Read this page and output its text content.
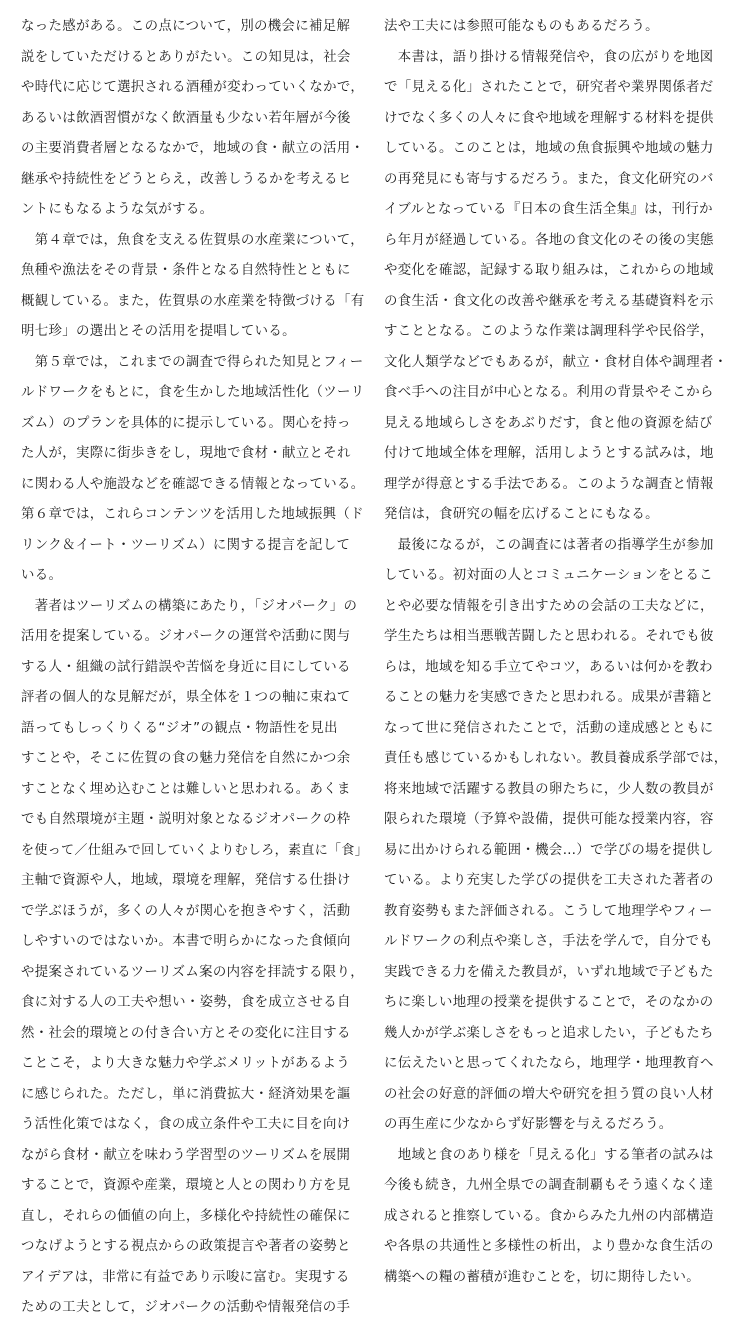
なった感がある。この点について，別の機会に補足解
説をしていただけるとありがたい。この知見は，社会
や時代に応じて選択される酒種が変わっていくなかで，
あるいは飲酒習慣がなく飲酒量も少ない若年層が今後
の主要消費者層となるなかで，地域の食・献立の活用・
継承や持続性をどうとらえ，改善しうるかを考えるヒ
ントにもなるような気がする。
　第４章では，魚食を支える佐賀県の水産業について，
魚種や漁法をその背景・条件となる自然特性とともに
概観している。また，佐賀県の水産業を特徴づける「有
明七珍」の選出とその活用を提唱している。
　第５章では，これまでの調査で得られた知見とフィー
ルドワークをもとに，食を生かした地域活性化（ツーリ
ズム）のプランを具体的に提示している。関心を持っ
た人が，実際に街歩きをし，現地で食材・献立とそれ
に関わる人や施設などを確認できる情報となっている。
第６章では，これらコンテンツを活用した地域振興（ド
リンク＆イート・ツーリズム）に関する提言を記して
いる。
　著者はツーリズムの構築にあたり，「ジオパーク」の
活用を提案している。ジオパークの運営や活動に関与
する人・組織の試行錯誤や苦悩を身近に目にしている
評者の個人的な見解だが，県全体を１つの軸に束ねて
語ってもしっくりくる“ジオ”の観点・物語性を見出
すことや，そこに佐賀の食の魅力発信を自然にかつ余
すことなく埋め込むことは難しいと思われる。あくま
でも自然環境が主題・説明対象となるジオパークの枠
を使って／仕組みで回していくよりむしろ，素直に「食」
主軸で資源や人，地域，環境を理解，発信する仕掛け
で学ぶほうが，多くの人々が関心を抱きやすく，活動
しやすいのではないか。本書で明らかになった食傾向
や提案されているツーリズム案の内容を拝読する限り，
食に対する人の工夫や想い・姿勢，食を成立させる自
然・社会的環境との付き合い方とその変化に注目する
ことこそ，より大きな魅力や学ぶメリットがあるよう
に感じられた。ただし，単に消費拡大・経済効果を謳
う活性化策ではなく，食の成立条件や工夫に目を向け
ながら食材・献立を味わう学習型のツーリズムを展開
することで，資源や産業，環境と人との関わり方を見
直し，それらの価値の向上，多様化や持続性の確保に
つなげようとする視点からの政策提言や著者の姿勢と
アイデアは，非常に有益であり示唆に富む。実現する
ための工夫として，ジオパークの活動や情報発信の手
法や工夫には参照可能なものもあるだろう。
　本書は，語り掛ける情報発信や，食の広がりを地図
で「見える化」されたことで，研究者や業界関係者だ
けでなく多くの人々に食や地域を理解する材料を提供
している。このことは，地域の魚食振興や地域の魅力
の再発見にも寄与するだろう。また，食文化研究のバ
イブルとなっている『日本の食生活全集』は，刊行か
ら年月が経過している。各地の食文化のその後の実態
や変化を確認，記録する取り組みは，これからの地域
の食生活・食文化の改善や継承を考える基礎資料を示
すこととなる。このような作業は調理科学や民俗学，
文化人類学などでもあるが，献立・食材自体や調理者・
食べ手への注目が中心となる。利用の背景やそこから
見える地域らしさをあぶりだす，食と他の資源を結び
付けて地域全体を理解，活用しようとする試みは，地
理学が得意とする手法である。このような調査と情報
発信は，食研究の幅を広げることにもなる。
　最後になるが，この調査には著者の指導学生が参加
している。初対面の人とコミュニケーションをとるこ
とや必要な情報を引き出すための会話の工夫などに，
学生たちは相当悪戦苦闘したと思われる。それでも彼
らは，地域を知る手立てやコツ，あるいは何かを教わ
ることの魅力を実感できたと思われる。成果が書籍と
なって世に発信されたことで，活動の達成感とともに
責任も感じているかもしれない。教員養成系学部では，
将来地域で活躍する教員の卵たちに，少人数の教員が
限られた環境（予算や設備，提供可能な授業内容，容
易に出かけられる範囲・機会…）で学びの場を提供し
ている。より充実した学びの提供を工夫された著者の
教育姿勢もまた評価される。こうして地理学やフィー
ルドワークの利点や楽しさ，手法を学んで，自分でも
実践できる力を備えた教員が，いずれ地域で子どもた
ちに楽しい地理の授業を提供することで，そのなかの
幾人かが学ぶ楽しさをもっと追求したい，子どもたち
に伝えたいと思ってくれたなら，地理学・地理教育へ
の社会の好意的評価の増大や研究を担う質の良い人材
の再生産に少なからず好影響を与えるだろう。
　地域と食のあり様を「見える化」する筆者の試みは
今後も続き，九州全県での調査制覇もそう遠くなく達
成されると推察している。食からみた九州の内部構造
や各県の共通性と多様性の析出，より豊かな食生活の
構築への糧の蓄積が進むことを，切に期待したい。
